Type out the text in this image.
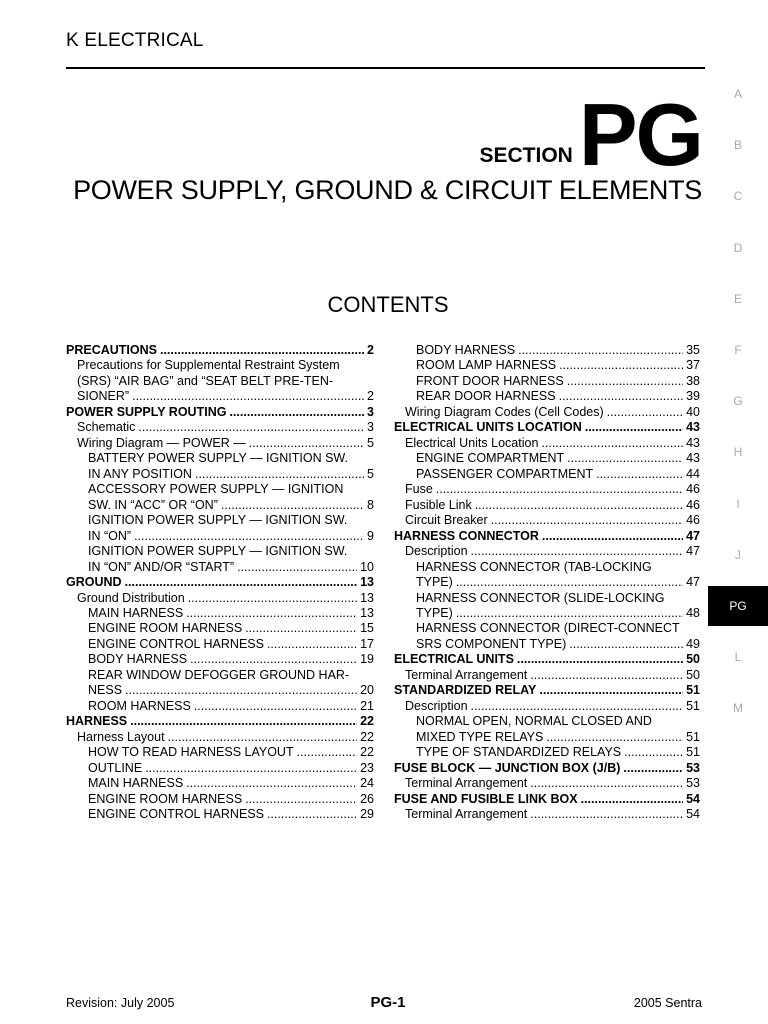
K ELECTRICAL
SECTION PG
POWER SUPPLY, GROUND & CIRCUIT ELEMENTS
CONTENTS
PRECAUTIONS .....	2
Precautions for Supplemental Restraint System
(SRS) “AIR BAG” and “SEAT BELT PRE-TEN-
SIONER” .....	2
POWER SUPPLY ROUTING .....	3
Schematic .....	3
Wiring Diagram — POWER — .....	5
BATTERY POWER SUPPLY — IGNITION SW.
IN ANY POSITION .....	5
ACCESSORY POWER SUPPLY — IGNITION
SW. IN “ACC” OR “ON” .....	8
IGNITION POWER SUPPLY — IGNITION SW.
IN “ON” .....	9
IGNITION POWER SUPPLY — IGNITION SW.
IN “ON” AND/OR “START” .....	10
GROUND .....	13
Ground Distribution .....	13
MAIN HARNESS .....	13
ENGINE ROOM HARNESS .....	15
ENGINE CONTROL HARNESS .....	17
BODY HARNESS .....	19
REAR WINDOW DEFOGGER GROUND HAR-
NESS .....	20
ROOM HARNESS .....	21
HARNESS .....	22
Harness Layout .....	22
HOW TO READ HARNESS LAYOUT .....	22
OUTLINE .....	23
MAIN HARNESS .....	24
ENGINE ROOM HARNESS .....	26
ENGINE CONTROL HARNESS .....	29
BODY HARNESS .....	35
ROOM LAMP HARNESS .....	37
FRONT DOOR HARNESS .....	38
REAR DOOR HARNESS .....	39
Wiring Diagram Codes (Cell Codes) .....	40
ELECTRICAL UNITS LOCATION .....	43
Electrical Units Location .....	43
ENGINE COMPARTMENT .....	43
PASSENGER COMPARTMENT .....	44
Fuse .....	46
Fusible Link .....	46
Circuit Breaker .....	46
HARNESS CONNECTOR .....	47
Description .....	47
HARNESS CONNECTOR (TAB-LOCKING
TYPE) .....	47
HARNESS CONNECTOR (SLIDE-LOCKING
TYPE) .....	48
HARNESS CONNECTOR (DIRECT-CONNECT
SRS COMPONENT TYPE) .....	49
ELECTRICAL UNITS .....	50
Terminal Arrangement .....	50
STANDARDIZED RELAY .....	51
Description .....	51
NORMAL OPEN, NORMAL CLOSED AND
MIXED TYPE RELAYS .....	51
TYPE OF STANDARDIZED RELAYS .....	51
FUSE BLOCK — JUNCTION BOX (J/B) .....	53
Terminal Arrangement .....	53
FUSE AND FUSIBLE LINK BOX .....	54
Terminal Arrangement .....	54
A
B
C
D
E
F
G
H
I
J
PG
L
M
Revision: July 2005	PG-1	2005 Sentra
